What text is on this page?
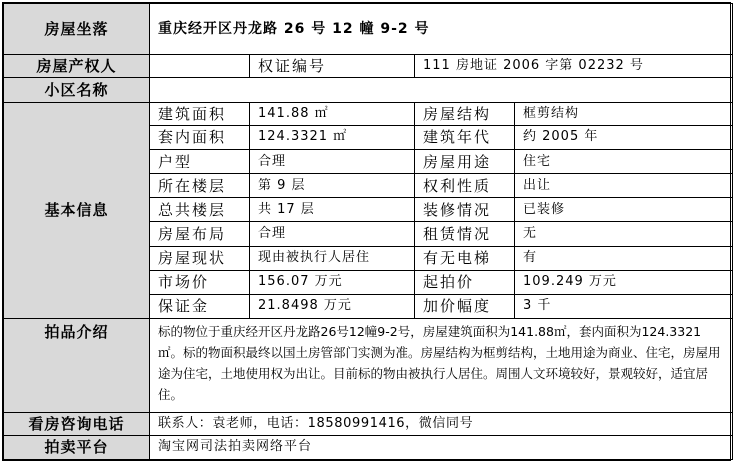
房屋坐落	重庆经开区丹龙路 26 号 12 幢 9-2 号			
房屋产权人		权证编号	111 房地证 2006 字第 02232 号	
小区名称				
基本信息	建筑面积	141.88 ㎡	房屋结构	框剪结构
	套内面积	124.3321 ㎡	建筑年代	约 2005 年
	户型	合理	房屋用途	住宅
	所在楼层	第 9 层	权利性质	出让
	总共楼层	共 17 层	装修情况	已装修
	房屋布局	合理	租赁情况	无
	房屋现状	现由被执行人居住	有无电梯	有
	市场价	156.07 万元	起拍价	109.249 万元
	保证金	21.8498 万元	加价幅度	3 千
拍品介绍	标的物位于重庆经开区丹龙路26号12幢9-2号，房屋建筑面积为141.88㎡，套内面积为124.3321㎡。标的物面积最终以国土房管部门实测为准。房屋结构为框剪结构，土地用途为商业、住宅，房屋用途为住宅，土地使用权为出让。目前标的物由被执行人居住。周围人文环境较好，景观较好，适宜居住。			
看房咨询电话	联系人：袁老师，电话：18580991416，微信同号			
拍卖平台	淘宝网司法拍卖网络平台			
